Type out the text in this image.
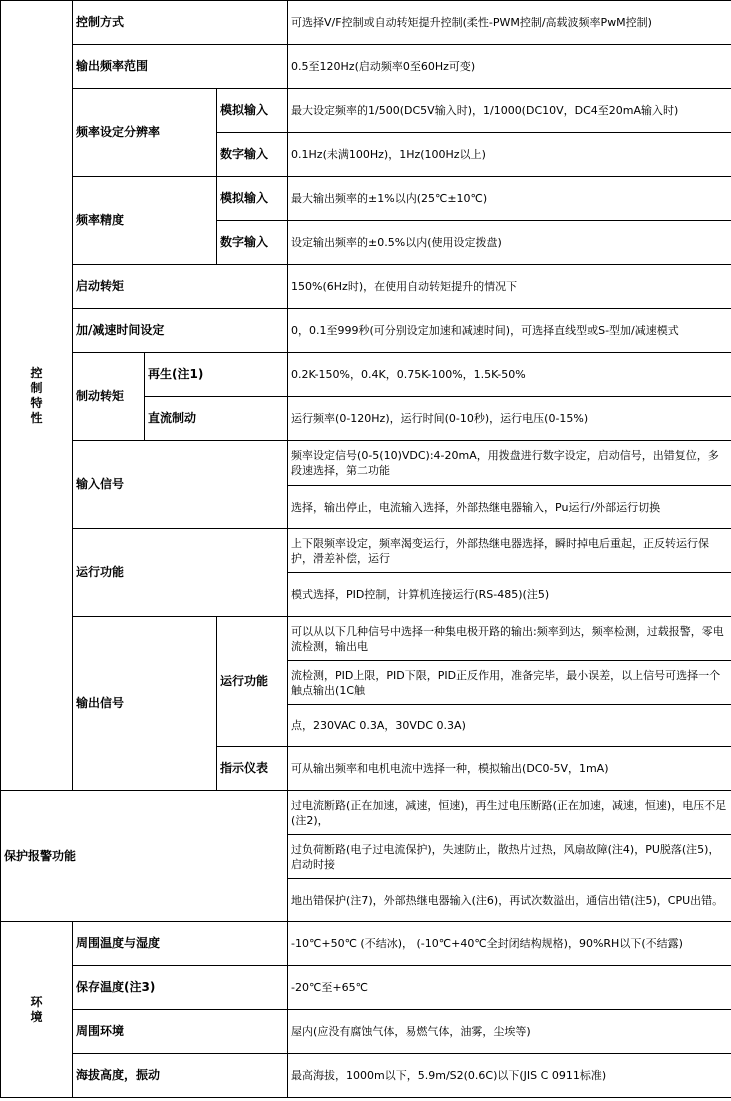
控
制
特
性	控制方式			可选择V/F控制或自动转矩提升控制(柔性-PWM控制/高载波频率PwM控制)
	输出频率范围			0.5至120Hz(启动频率0至60Hz可变)
	频率设定分辨率		模拟输入	最大设定频率的1/500(DC5V输入时)，1/1000(DC10V，DC4至20mA输入时)
			数字输入	0.1Hz(未满100Hz)，1Hz(100Hz以上)
	频率精度		模拟输入	最大输出频率的±1%以内(25℃±10℃)
			数字输入	设定输出频率的±0.5%以内(使用设定拨盘)
	启动转矩			150%(6Hz时)，在使用自动转矩提升的情况下
	加/减速时间设定			0，0.1至999秒(可分别设定加速和减速时间)，可选择直线型或S-型加/减速模式
	制动转矩	再生(注1)		0.2K-150%，0.4K，0.75K-100%，1.5K-50%
		直流制动		运行频率(0-120Hz)，运行时间(0-10秒)，运行电压(0-15%)
	输入信号			频率设定信号(0-5(10)VDC):4-20mA，用拨盘进行数字设定，启动信号，出错复位，多段速选择，第二功能
				选择，输出停止，电流输入选择，外部热继电器输入，Pu运行/外部运行切换
	运行功能			上下限频率设定，频率渴变运行，外部热继电器选择，瞬时掉电后重起，正反转运行保护，滑差补偿，运行
				模式选择，PID控制，计算机连接运行(RS-485)(注5)
	输出信号		运行功能	可以从以下几种信号中选择一种集电极开路的输出:频率到达，频率检测，过载报警，零电流检测，输出电
				流检测，PID上限，PID下限，PID正反作用，准备完毕，最小误差，以上信号可选择一个触点输出(1C触
				点，230VAC 0.3A，30VDC 0.3A)
			指示仪表	可从输出频率和电机电流中选择一种，模拟输出(DC0-5V，1mA)
保护报警功能				过电流断路(正在加速，减速，恒速)，再生过电压断路(正在加速，减速，恒速)，电压不足(注2)，
				过负荷断路(电子过电流保护)，失速防止，散热片过热，风扇故障(注4)，PU脱落(注5)，启动时接
				地出错保护(注7)，外部热继电器输入(注6)，再试次数溢出，通信出错(注5)，CPU出错。
环
境	周围温度与湿度			-10℃+50℃ (不结冰)， (-10℃+40℃全封闭结构规格)，90%RH以下(不结露)
	保存温度(注3)			-20℃至+65℃
	周围环境			屋内(应没有腐蚀气体，易燃气体，油雾，尘埃等)
	海拔高度，振动			最高海拔，1000m以下，5.9m/S2(0.6C)以下(JIS C 0911标准)
